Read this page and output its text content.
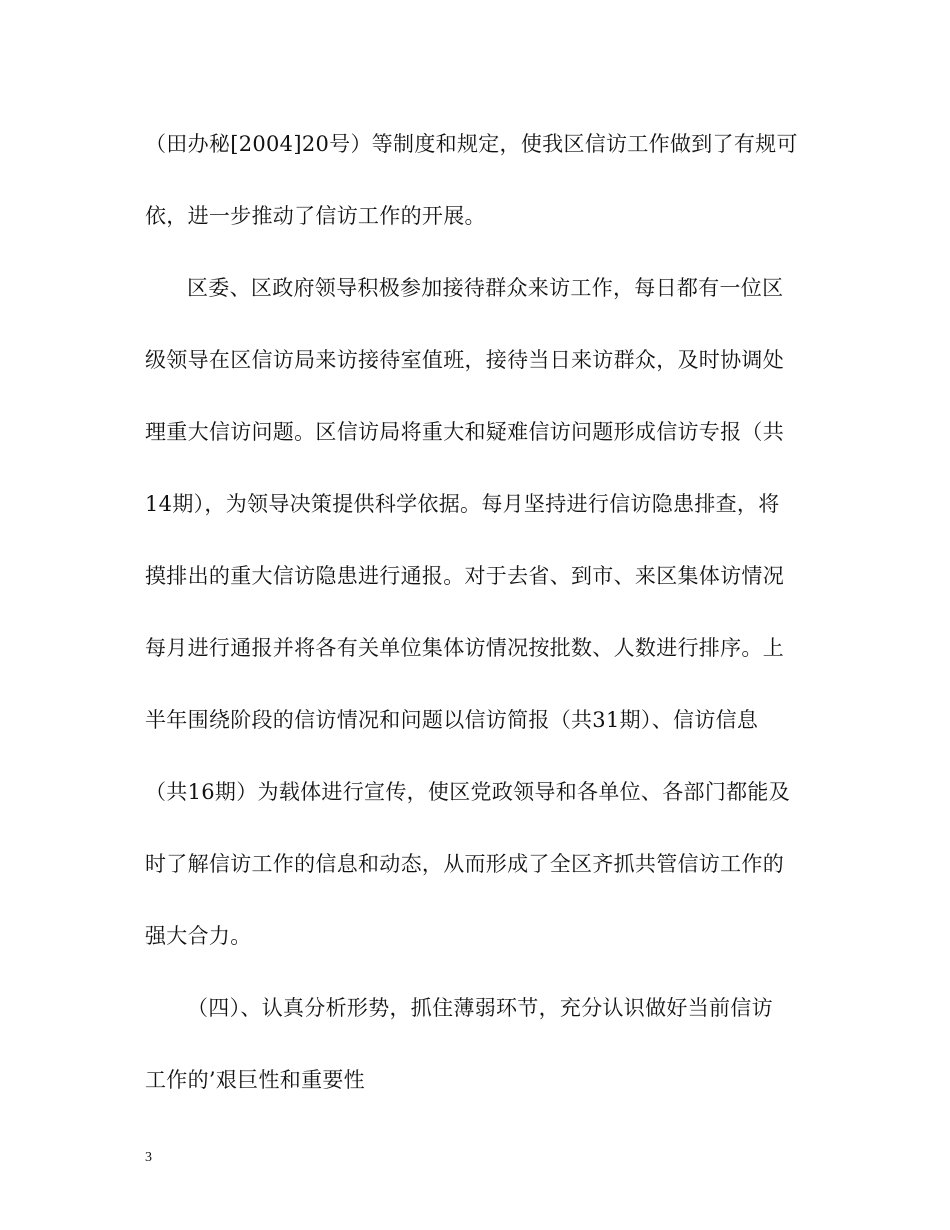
（田办秘[2004]20号）等制度和规定，使我区信访工作做到了有规可
依，进一步推动了信访工作的开展。
区委、区政府领导积极参加接待群众来访工作，每日都有一位区
级领导在区信访局来访接待室值班，接待当日来访群众，及时协调处
理重大信访问题。区信访局将重大和疑难信访问题形成信访专报（共
14期），为领导决策提供科学依据。每月坚持进行信访隐患排查，将
摸排出的重大信访隐患进行通报。对于去省、到市、来区集体访情况
每月进行通报并将各有关单位集体访情况按批数、人数进行排序。上
半年围绕阶段的信访情况和问题以信访简报（共31期）、信访信息
（共16期）为载体进行宣传，使区党政领导和各单位、各部门都能及
时了解信访工作的信息和动态，从而形成了全区齐抓共管信访工作的
强大合力。
（四）、认真分析形势，抓住薄弱环节，充分认识做好当前信访
工作的’艰巨性和重要性
3
